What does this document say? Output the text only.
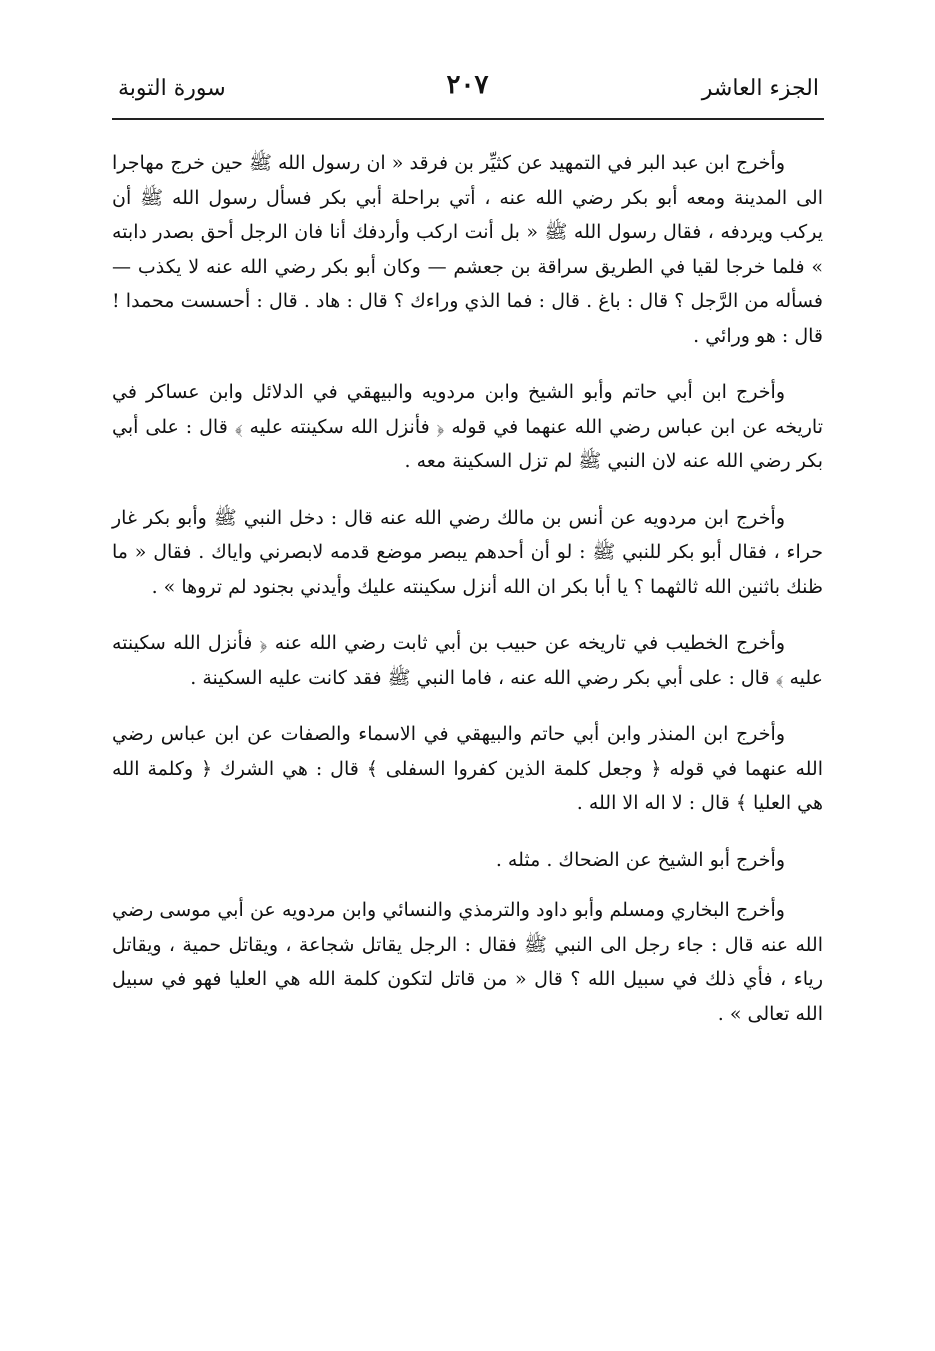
الجزء العاشر
٢٠٧
سورة التوبة

وأخرج ابن عبد البر في التمهيد عن كثيِّر بن فرقد « ان رسول الله ﷺ حين خرج مهاجرا الى المدينة ومعه أبو بكر رضي الله عنه ، أتي براحلة أبي بكر فسأل رسول الله ﷺ أن يركب ويردفه ، فقال رسول الله ﷺ « بل أنت اركب وأردفك أنا فان الرجل أحق بصدر دابته » فلما خرجا لقيا في الطريق سراقة بن جعشم — وكان أبو بكر رضي الله عنه لا يكذب — فسأله من الرَّجل ؟ قال : باغ . قال : فما الذي وراءك ؟ قال : هاد . قال : أحسست محمدا ! قال : هو ورائي .

وأخرج ابن أبي حاتم وأبو الشيخ وابن مردويه والبيهقي في الدلائل وابن عساكر في تاريخه عن ابن عباس رضي الله عنهما في قوله ﴿ فأنزل الله سكينته عليه ﴾ قال : على أبي بكر رضي الله عنه لان النبي ﷺ لم تزل السكينة معه .

وأخرج ابن مردويه عن أنس بن مالك رضي الله عنه قال : دخل النبي ﷺ وأبو بكر غار حراء ، فقال أبو بكر للنبي ﷺ : لو أن أحدهم يبصر موضع قدمه لابصرني واياك . فقال « ما ظنك باثنين الله ثالثهما ؟ يا أبا بكر ان الله أنزل سكينته عليك وأيدني بجنود لم تروها » .

وأخرج الخطيب في تاريخه عن حبيب بن أبي ثابت رضي الله عنه ﴿ فأنزل الله سكينته عليه ﴾ قال : على أبي بكر رضي الله عنه ، فاما النبي ﷺ فقد كانت عليه السكينة .

وأخرج ابن المنذر وابن أبي حاتم والبيهقي في الاسماء والصفات عن ابن عباس رضي الله عنهما في قوله ﴿ وجعل كلمة الذين كفروا السفلى ﴾ قال : هي الشرك ﴿ وكلمة الله هي العليا ﴾ قال : لا اله الا الله .

وأخرج أبو الشيخ عن الضحاك . مثله .

وأخرج البخاري ومسلم وأبو داود والترمذي والنسائي وابن مردويه عن أبي موسى رضي الله عنه قال : جاء رجل الى النبي ﷺ فقال : الرجل يقاتل شجاعة ، ويقاتل حمية ، ويقاتل رياء ، فأي ذلك في سبيل الله ؟ قال « من قاتل لتكون كلمة الله هي العليا فهو في سبيل الله تعالى » .
